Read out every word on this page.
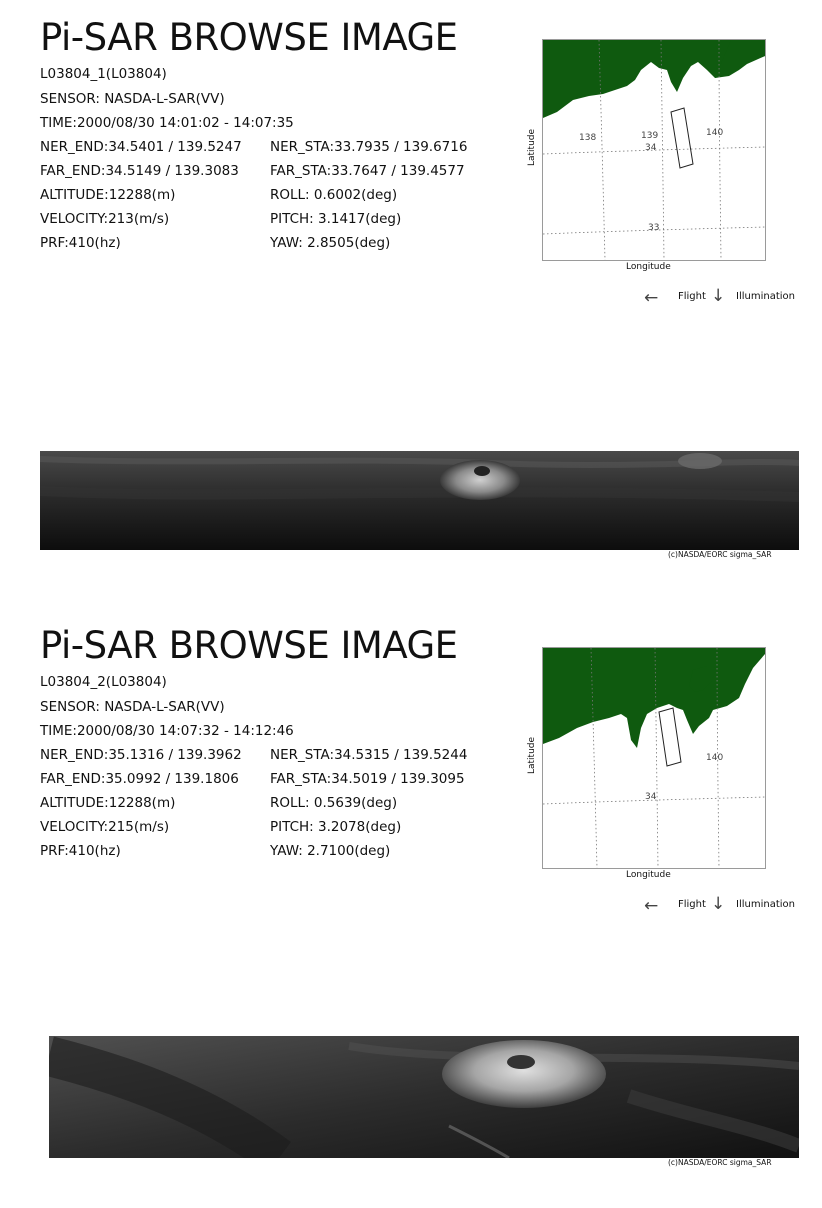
Pi-SAR BROWSE IMAGE
L03804_1(L03804)
SENSOR: NASDA-L-SAR(VV)
TIME:2000/08/30 14:01:02 - 14:07:35
NER_END:34.5401 / 139.5247 NER_STA:33.7935 / 139.6716
FAR_END:34.5149 / 139.3083 FAR_STA:33.7647 / 139.4577
ALTITUDE:12288(m)	ROLL: 0.6002(deg)
VELOCITY:213(m/s)	PITCH: 3.1417(deg)
PRF:410(hz)	YAW: 2.8505(deg)
138	139	140
34
33
Latitude
Longitude
← Flight ↓ Illumination
(c)NASDA/EORC sigma_SAR
Pi-SAR BROWSE IMAGE
L03804_2(L03804)
SENSOR: NASDA-L-SAR(VV)
TIME:2000/08/30 14:07:32 - 14:12:46
NER_END:35.1316 / 139.3962 NER_STA:34.5315 / 139.5244
FAR_END:35.0992 / 139.1806 FAR_STA:34.5019 / 139.3095
ALTITUDE:12288(m)	ROLL: 0.5639(deg)
VELOCITY:215(m/s)	PITCH: 3.2078(deg)
PRF:410(hz)	YAW: 2.7100(deg)
140
34
Latitude
Longitude
← Flight ↓ Illumination
(c)NASDA/EORC sigma_SAR
